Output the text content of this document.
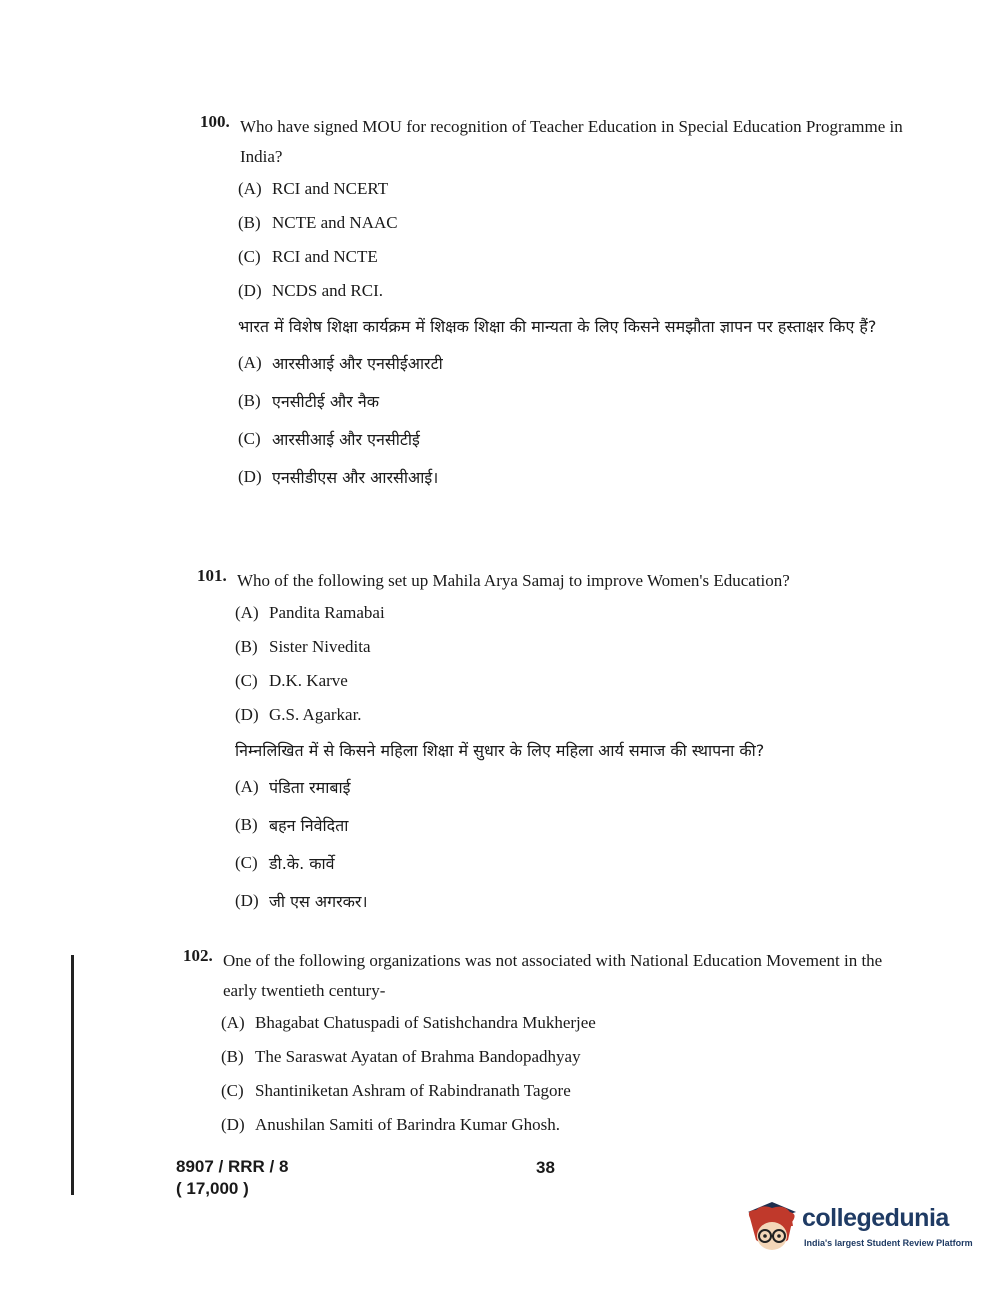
100. Who have signed MOU for recognition of Teacher Education in Special Education Programme in India?
(A) RCI and NCERT
(B) NCTE and NAAC
(C) RCI and NCTE
(D) NCDS and RCI.
भारत में विशेष शिक्षा कार्यक्रम में शिक्षक शिक्षा की मान्यता के लिए किसने समझौता ज्ञापन पर हस्ताक्षर किए हैं?
(A) आरसीआई और एनसीईआरटी
(B) एनसीटीई और नैक
(C) आरसीआई और एनसीटीई
(D) एनसीडीएस और आरसीआई।
101. Who of the following set up Mahila Arya Samaj to improve Women's Education?
(A) Pandita Ramabai
(B) Sister Nivedita
(C) D.K. Karve
(D) G.S. Agarkar.
निम्नलिखित में से किसने महिला शिक्षा में सुधार के लिए महिला आर्य समाज की स्थापना की?
(A) पंडिता रमाबाई
(B) बहन निवेदिता
(C) डी.के. कार्वे
(D) जी एस अगरकर।
102. One of the following organizations was not associated with National Education Movement in the early twentieth century-
(A) Bhagabat Chatuspadi of Satishchandra Mukherjee
(B) The Saraswat Ayatan of Brahma Bandopadhyay
(C) Shantiniketan Ashram of Rabindranath Tagore
(D) Anushilan Samiti of Barindra Kumar Ghosh.
8907 / RRR / 8
( 17,000 )
38
collegedunia
India's largest Student Review Platform
